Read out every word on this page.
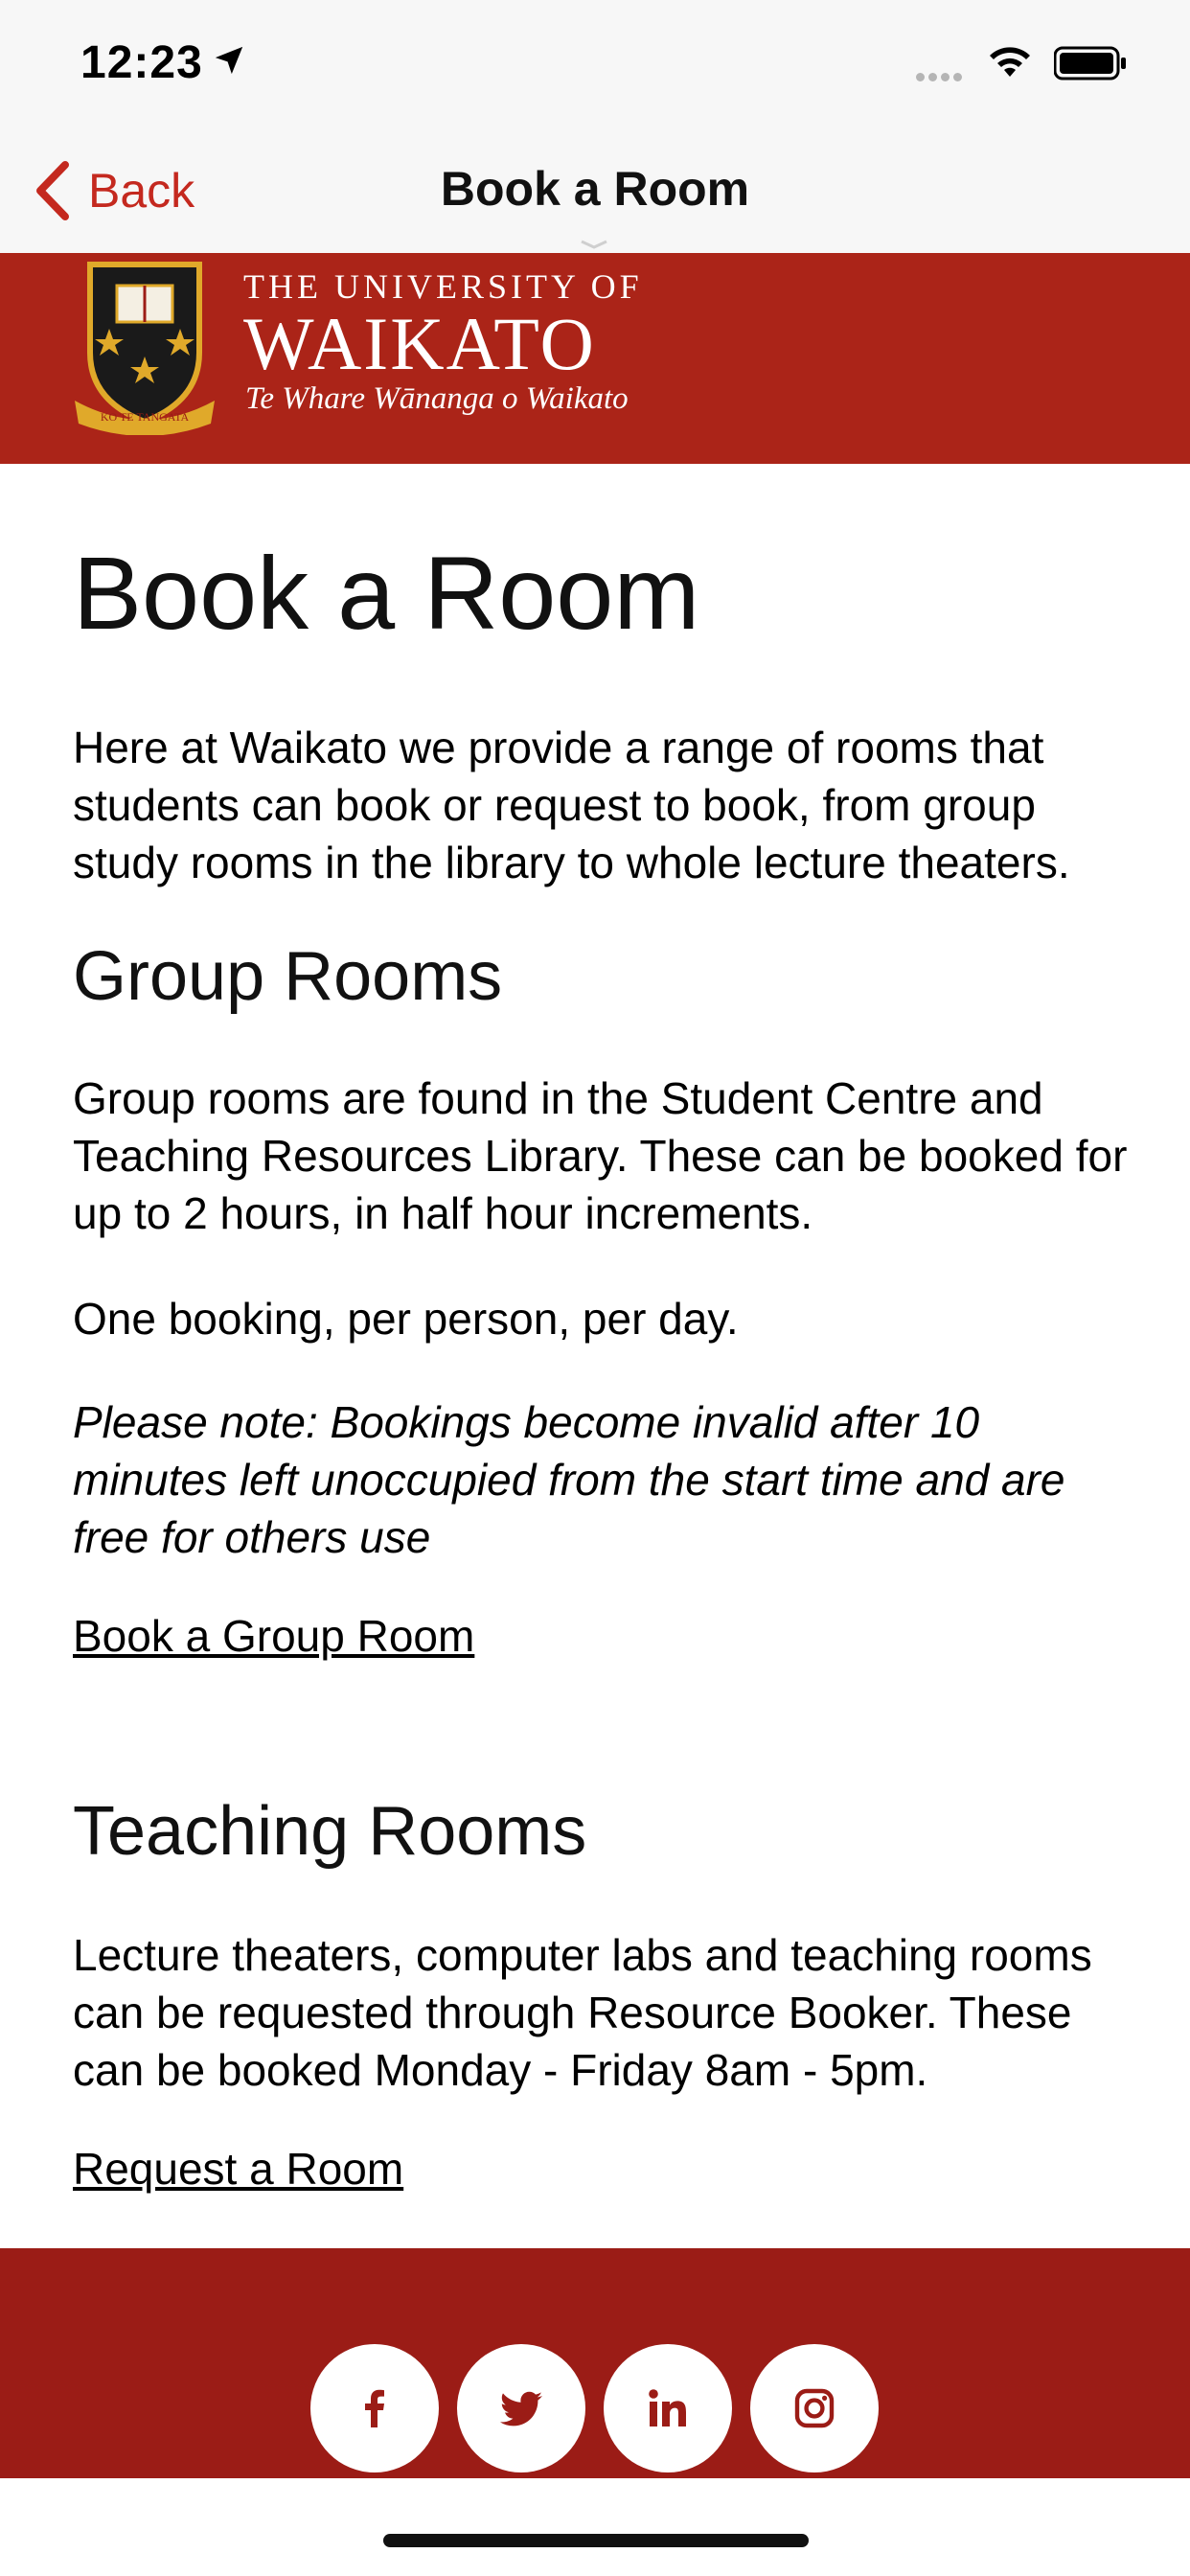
12:23
Back	Book a Room
KO TE TANGATA
THE UNIVERSITY OF
WAIKATO
Te Whare Wānanga o Waikato
Book a Room

Here at Waikato we provide a range of rooms that students can book or request to book, from group study rooms in the library to whole lecture theaters.

Group Rooms

Group rooms are found in the Student Centre and Teaching Resources Library. These can be booked for up to 2 hours, in half hour increments.

One booking, per person, per day.

Please note: Bookings become invalid after 10 minutes left unoccupied from the start time and are free for others use

Book a Group Room
Teaching Rooms

Lecture theaters, computer labs and teaching rooms can be requested through Resource Booker. These can be booked Monday - Friday 8am - 5pm.

Request a Room
